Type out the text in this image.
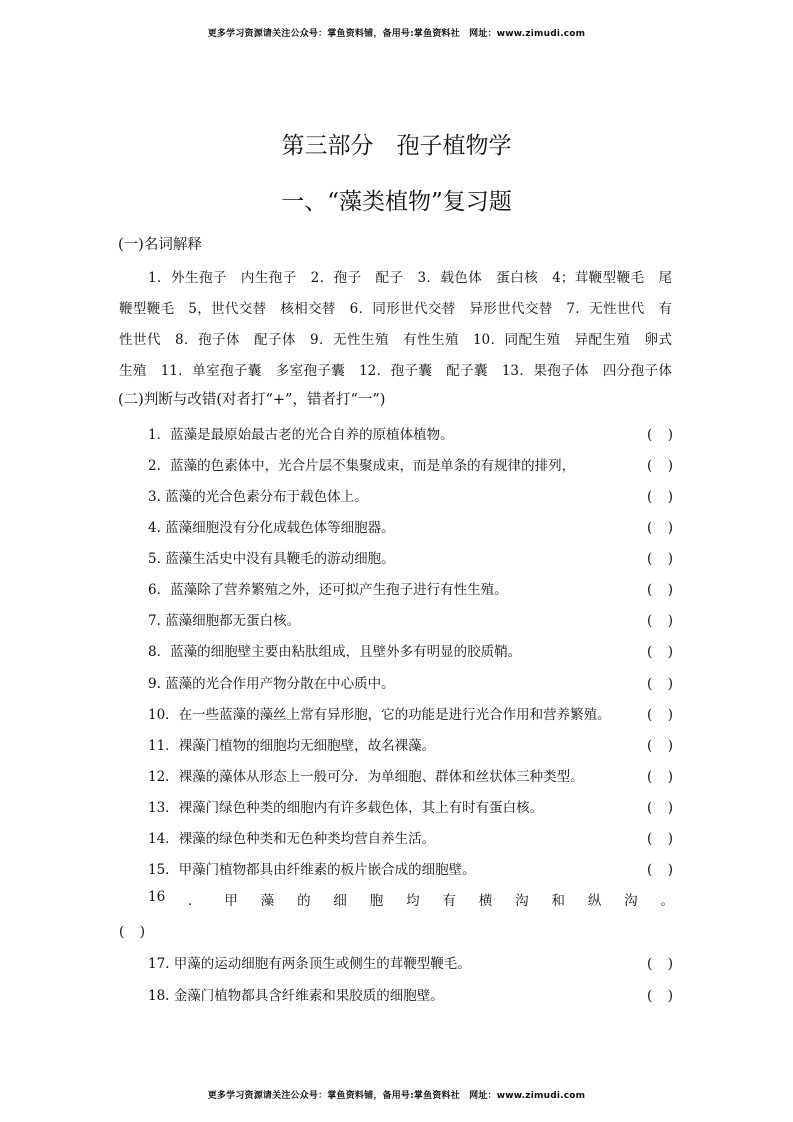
更多学习资源请关注公众号：掌鱼资料铺，备用号:掌鱼资料社　网址：www.zimudi.com
第三部分　孢子植物学
一、“藻类植物”复习题
(一)名词解释
1．外生孢子　内生孢子　2．孢子　配子　3．载色体　蛋白核　4；茸鞭型鞭毛　尾
鞭型鞭毛　5，世代交替　核相交替　6．同形世代交替　异形世代交替　7．无性世代　有
性世代　8．孢子体　配子体　9．无性生殖　有性生殖　10．同配生殖　异配生殖　卵式
生殖　11．单室孢子囊　多室孢子囊　12．孢子囊　配子囊　13．果孢子体　四分孢子体
(二)判断与改错(对者打“+”，错者打“一”)
1．蓝藻是最原始最古老的光合自养的原植体植物。	(　)
2．蓝藻的色素体中，光合片层不集聚成束，而是单条的有规律的排列，	(　)
3. 蓝藻的光合色素分布于载色体上。	(　)
4. 蓝藻细胞没有分化成载色体等细胞器。	(　)
5. 蓝藻生活史中没有具鞭毛的游动细胞。	(　)
6．蓝藻除了营养繁殖之外，还可拟产生孢子进行有性生殖。	(　)
7. 蓝藻细胞都无蛋白核。	(　)
8．蓝藻的细胞壁主要由粘肽组成，且壁外多有明显的胶质鞘。	(　)
9. 蓝藻的光合作用产物分散在中心质中。	(　)
10．在一些蓝藻的藻丝上常有异形胞，它的功能是进行光合作用和营养繁殖。	(　)
11．裸藻门植物的细胞均无细胞壁，故名裸藻。	(　)
12．裸藻的藻体从形态上一般可分．为单细胞、群体和丝状体三种类型。	(　)
13．裸藻门绿色种类的细胞内有许多载色体，其上有时有蛋白核。	(　)
14．裸藻的绿色种类和无色种类均营自养生活。	(　)
15．甲藻门植物都具由纤维素的板片嵌合成的细胞壁。	(　)
16 ． 甲 藻 的 细 胞 均 有 横 沟 和 纵 沟 。
(　)
17. 甲藻的运动细胞有两条顶生或侧生的茸鞭型鞭毛。	(　)
18. 金藻门植物都具含纤维素和果胶质的细胞壁。	(　)
更多学习资源请关注公众号：掌鱼资料铺，备用号:掌鱼资料社　网址：www.zimudi.com
